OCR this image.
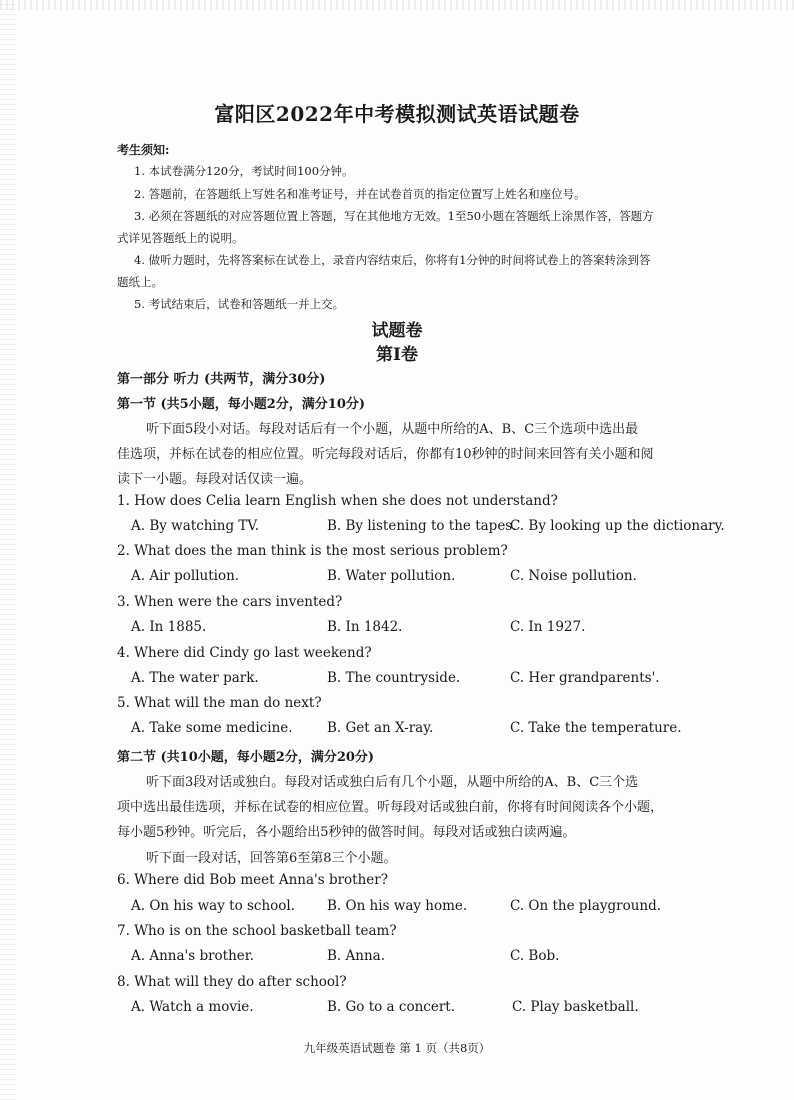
富阳区2022年中考模拟测试英语试题卷
考生须知:
1. 本试卷满分120分，考试时间100分钟。
2. 答题前，在答题纸上写姓名和准考证号，并在试卷首页的指定位置写上姓名和座位号。
3. 必须在答题纸的对应答题位置上答题，写在其他地方无效。1至50小题在答题纸上涂黑作答，答题方
式详见答题纸上的说明。
4. 做听力题时，先将答案标在试卷上，录音内容结束后，你将有1分钟的时间将试卷上的答案转涂到答
题纸上。
5. 考试结束后，试卷和答题纸一并上交。
试题卷
第I卷
第一部分 听力 (共两节，满分30分)
第一节 (共5小题，每小题2分，满分10分)
听下面5段小对话。每段对话后有一个小题，从题中所给的A、B、C三个选项中选出最
佳选项，并标在试卷的相应位置。听完每段对话后，你都有10秒钟的时间来回答有关小题和阅
读下一小题。每段对话仅读一遍。
1. How does Celia learn English when she does not understand?
A. By watching TV.	B. By listening to the tapes.
C. By looking up the dictionary.
2. What does the man think is the most serious problem?
A. Air pollution.	B. Water pollution.	C. Noise pollution.
3. When were the cars invented?
A. In 1885.	B. In 1842.	C. In 1927.
4. Where did Cindy go last weekend?
A. The water park.	B. The countryside.	C. Her grandparents'.
5. What will the man do next?
A. Take some medicine.	B. Get an X-ray.	C. Take the temperature.
第二节 (共10小题，每小题2分，满分20分)
听下面3段对话或独白。每段对话或独白后有几个小题，从题中所给的A、B、C三个选
项中选出最佳选项，并标在试卷的相应位置。听每段对话或独白前，你将有时间阅读各个小题，
每小题5秒钟。听完后，各小题给出5秒钟的做答时间。每段对话或独白读两遍。
听下面一段对话，回答第6至第8三个小题。
6. Where did Bob meet Anna's brother?
A. On his way to school. B. On his way home.	C. On the playground.
7. Who is on the school basketball team?
A. Anna's brother.	B. Anna.	C. Bob.
8. What will they do after school?
A. Watch a movie.	B. Go to a concert.	C. Play basketball.
九年级英语试题卷 第 1 页（共8页）
